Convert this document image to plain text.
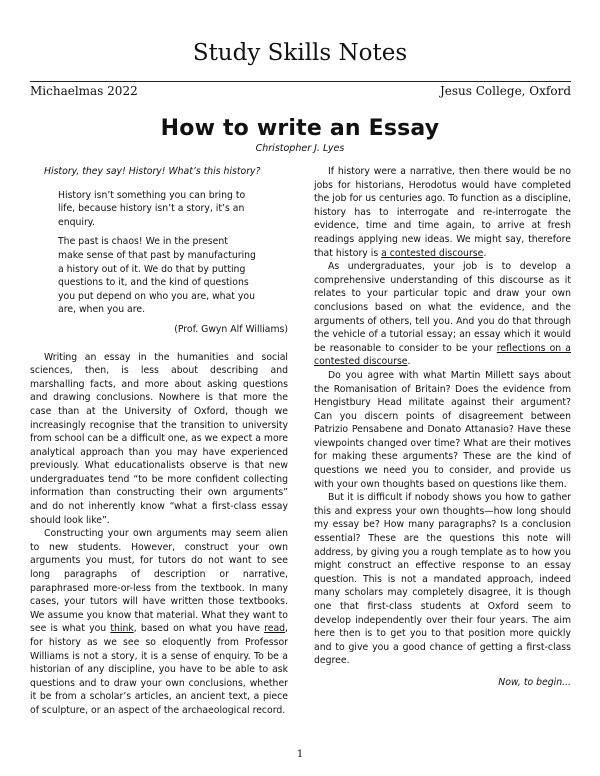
Study Skills Notes
Michaelmas 2022	Jesus College, Oxford
How to write an Essay
Christopher J. Lyes

History, they say! History! What’s this history?

History isn’t something you can bring to life, because history isn’t a story, it’s an enquiry.

The past is chaos! We in the present make sense of that past by manufacturing a history out of it. We do that by putting questions to it, and the kind of questions you put depend on who you are, what you are, when you are.

(Prof. Gwyn Alf Williams)

Writing an essay in the humanities and social sciences, then, is less about describing and marshalling facts, and more about asking questions and drawing conclusions. Nowhere is that more the case than at the University of Oxford, though we increasingly recognise that the transition to university from school can be a difficult one, as we expect a more analytical approach than you may have experienced previously. What educationalists observe is that new undergraduates tend “to be more confident collecting information than constructing their own arguments” and do not inherently know “what a first-class essay should look like”.

Constructing your own arguments may seem alien to new students. However, construct your own arguments you must, for tutors do not want to see long paragraphs of description or narrative, paraphrased more-or-less from the textbook. In many cases, your tutors will have written those textbooks. We assume you know that material. What they want to see is what you think, based on what you have read, for history as we see so eloquently from Professor Williams is not a story, it is a sense of enquiry. To be a historian of any discipline, you have to be able to ask questions and to draw your own conclusions, whether it be from a scholar’s articles, an ancient text, a piece of sculpture, or an aspect of the archaeological record.

If history were a narrative, then there would be no jobs for historians, Herodotus would have completed the job for us centuries ago. To function as a discipline, history has to interrogate and re-interrogate the evidence, time and time again, to arrive at fresh readings applying new ideas. We might say, therefore that history is a contested discourse.

As undergraduates, your job is to develop a comprehensive understanding of this discourse as it relates to your particular topic and draw your own conclusions based on what the evidence, and the arguments of others, tell you. And you do that through the vehicle of a tutorial essay; an essay which it would be reasonable to consider to be your reflections on a contested discourse.

Do you agree with what Martin Millett says about the Romanisation of Britain? Does the evidence from Hengistbury Head militate against their argument? Can you discern points of disagreement between Patrizio Pensabene and Donato Attanasio? Have these viewpoints changed over time? What are their motives for making these arguments? These are the kind of questions we need you to consider, and provide us with your own thoughts based on questions like them.

But it is difficult if nobody shows you how to gather this and express your own thoughts—how long should my essay be? How many paragraphs? Is a conclusion essential? These are the questions this note will address, by giving you a rough template as to how you might construct an effective response to an essay question. This is not a mandated approach, indeed many scholars may completely disagree, it is though one that first-class students at Oxford seem to develop independently over their four years. The aim here then is to get you to that position more quickly and to give you a good chance of getting a first-class degree.

Now, to begin...

1
